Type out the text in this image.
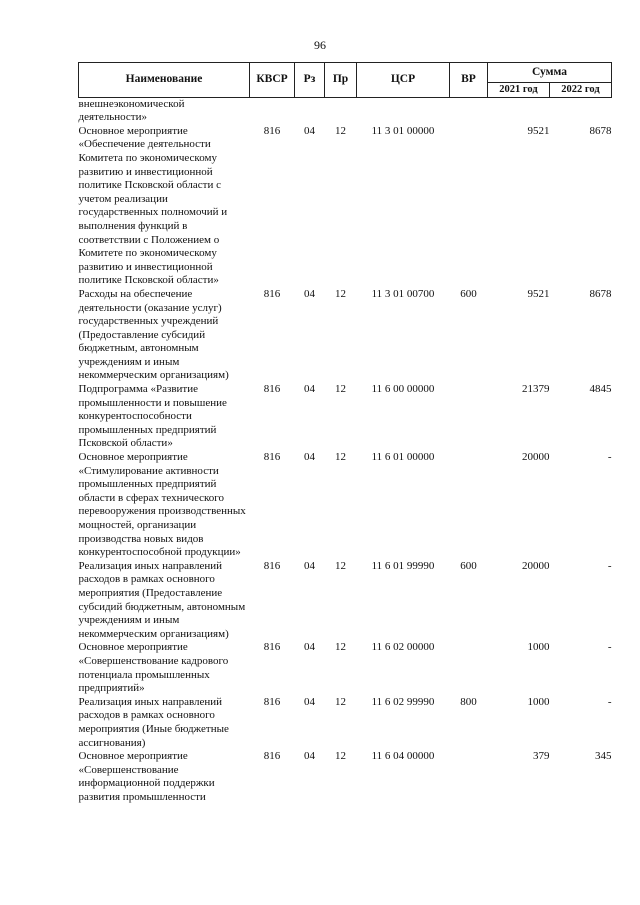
96
Наименование	КВСР	Рз	Пр	ЦСР	ВР	Сумма	
						2021 год	2022 год
внешнеэкономической деятельности»							
Основное мероприятие «Обеспечение деятельности Комитета по экономическому развитию и инвестиционной политике Псковской области с учетом реализации государственных полномочий и выполнения функций в соответствии с Положением о Комитете по экономическому развитию и инвестиционной политике Псковской области»	816	04	12	11 3 01 00000		9521	8678
Расходы на обеспечение деятельности (оказание услуг) государственных учреждений (Предоставление субсидий бюджетным, автономным учреждениям и иным некоммерческим организациям)	816	04	12	11 3 01 00700	600	9521	8678
Подпрограмма «Развитие промышленности и повышение конкурентоспособности промышленных предприятий Псковской области»	816	04	12	11 6 00 00000		21379	4845
Основное мероприятие «Стимулирование активности промышленных предприятий области в сферах технического перевооружения производственных мощностей, организации производства новых видов конкурентоспособной продукции»	816	04	12	11 6 01 00000		20000	-
Реализация иных направлений расходов в рамках основного мероприятия (Предоставление субсидий бюджетным, автономным учреждениям и иным некоммерческим организациям)	816	04	12	11 6 01 99990	600	20000	-
Основное мероприятие «Совершенствование кадрового потенциала промышленных предприятий»	816	04	12	11 6 02 00000		1000	-
Реализация иных направлений расходов в рамках основного мероприятия (Иные бюджетные ассигнования)	816	04	12	11 6 02 99990	800	1000	-
Основное мероприятие «Совершенствование информационной поддержки развития промышленности	816	04	12	11 6 04 00000		379	345
